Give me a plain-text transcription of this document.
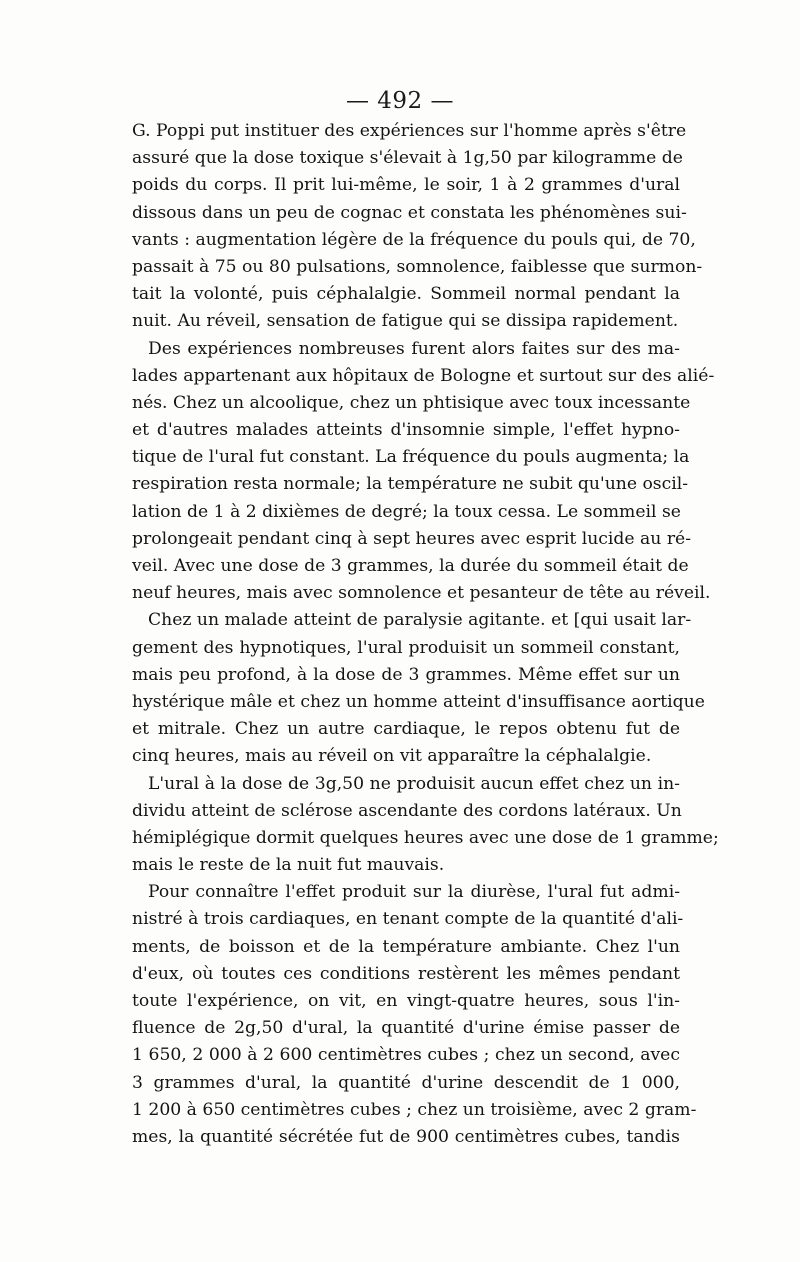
— 492 —
G. Poppi put instituer des expériences sur l'homme après s'être
assuré que la dose toxique s'élevait à 1g,50 par kilogramme de
poids du corps. Il prit lui-même, le soir, 1 à 2 grammes d'ural
dissous dans un peu de cognac et constata les phénomènes sui-
vants : augmentation légère de la fréquence du pouls qui, de 70,
passait à 75 ou 80 pulsations, somnolence, faiblesse que surmon-
tait la volonté, puis céphalalgie. Sommeil normal pendant la
nuit. Au réveil, sensation de fatigue qui se dissipa rapidement.
Des expériences nombreuses furent alors faites sur des ma-
lades appartenant aux hôpitaux de Bologne et surtout sur des alié-
nés. Chez un alcoolique, chez un phtisique avec toux incessante
et d'autres malades atteints d'insomnie simple, l'effet hypno-
tique de l'ural fut constant. La fréquence du pouls augmenta; la
respiration resta normale; la température ne subit qu'une oscil-
lation de 1 à 2 dixièmes de degré; la toux cessa. Le sommeil se
prolongeait pendant cinq à sept heures avec esprit lucide au ré-
veil. Avec une dose de 3 grammes, la durée du sommeil était de
neuf heures, mais avec somnolence et pesanteur de tête au réveil.
Chez un malade atteint de paralysie agitante. et [qui usait lar-
gement des hypnotiques, l'ural produisit un sommeil constant,
mais peu profond, à la dose de 3 grammes. Même effet sur un
hystérique mâle et chez un homme atteint d'insuffisance aortique
et mitrale. Chez un autre cardiaque, le repos obtenu fut de
cinq heures, mais au réveil on vit apparaître la céphalalgie.
L'ural à la dose de 3g,50 ne produisit aucun effet chez un in-
dividu atteint de sclérose ascendante des cordons latéraux. Un
hémiplégique dormit quelques heures avec une dose de 1 gramme;
mais le reste de la nuit fut mauvais.
Pour connaître l'effet produit sur la diurèse, l'ural fut admi-
nistré à trois cardiaques, en tenant compte de la quantité d'ali-
ments, de boisson et de la température ambiante. Chez l'un
d'eux, où toutes ces conditions restèrent les mêmes pendant
toute l'expérience, on vit, en vingt-quatre heures, sous l'in-
fluence de 2g,50 d'ural, la quantité d'urine émise passer de
1 650, 2 000 à 2 600 centimètres cubes ; chez un second, avec
3 grammes d'ural, la quantité d'urine descendit de 1 000,
1 200 à 650 centimètres cubes ; chez un troisième, avec 2 gram-
mes, la quantité sécrétée fut de 900 centimètres cubes, tandis
